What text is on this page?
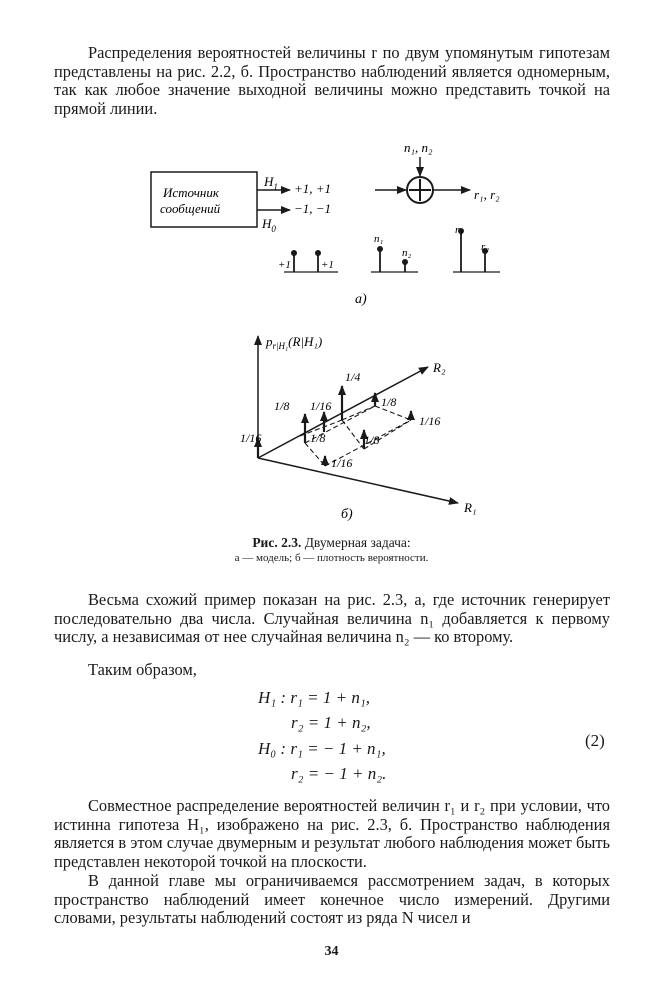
Распределения вероятностей величины r по двум упомянутым гипотезам представлены на рис. 2.2, б. Пространство наблюдений является одномерным, так как любое значение выходной величины можно представить точкой на прямой линии.
Источник
сообщений
$H_1$
$H_0$
+1, +1
−1, −1
n₁, n₂
r₁, r₂
+1	+1
n₁
n₂
r₁
r₂
а)
$p_{r|H_1}(R|H_1)$
R₁
R₂
1/4
1/8 1/16	1/8
1/16
1/16	1/8	1/8
1/16
б)
Рис. 2.3. Двумерная задача:
а — модель; б — плотность вероятности.
Весьма схожий пример показан на рис. 2.3, а, где источник генерирует последовательно два числа. Случайная величина n₁ добавляется к первому числу, а независимая от нее случайная величина n₂ — ко второму.
Таким образом,
H₁ : r₁ = 1 + n₁,
r₂ = 1 + n₂,
H₀ : r₁ = − 1 + n₁,
r₂ = − 1 + n₂.
(2)
Совместное распределение вероятностей величин r₁ и r₂ при условии, что истинна гипотеза H₁, изображено на рис. 2.3, б. Пространство наблюдения является в этом случае двумерным и результат любого наблюдения может быть представлен некоторой точкой на плоскости.
В данной главе мы ограничиваемся рассмотрением задач, в которых пространство наблюдений имеет конечное число измерений. Другими словами, результаты наблюдений состоят из ряда N чисел и
34
